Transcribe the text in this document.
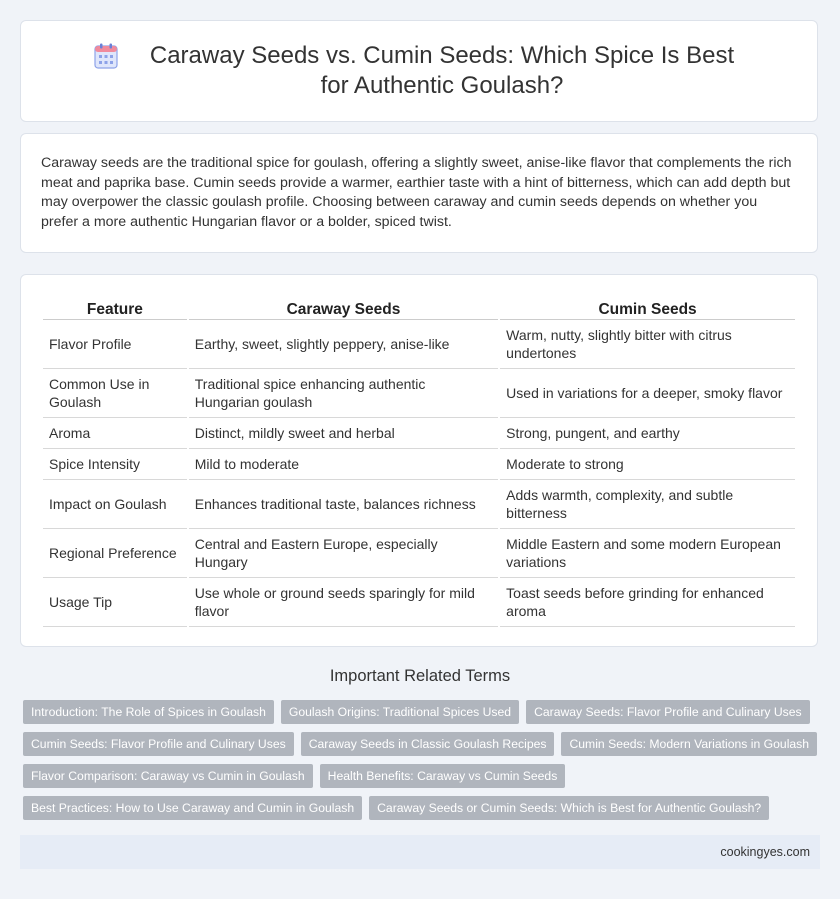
Caraway Seeds vs. Cumin Seeds: Which Spice Is Best for Authentic Goulash?

Caraway seeds are the traditional spice for goulash, offering a slightly sweet, anise-like flavor that complements the rich meat and paprika base. Cumin seeds provide a warmer, earthier taste with a hint of bitterness, which can add depth but may overpower the classic goulash profile. Choosing between caraway and cumin seeds depends on whether you prefer a more authentic Hungarian flavor or a bolder, spiced twist.

Feature	Caraway Seeds	Cumin Seeds
Flavor Profile	Earthy, sweet, slightly peppery, anise-like	Warm, nutty, slightly bitter with citrus undertones
Common Use in Goulash	Traditional spice enhancing authentic Hungarian goulash	Used in variations for a deeper, smoky flavor
Aroma	Distinct, mildly sweet and herbal	Strong, pungent, and earthy
Spice Intensity	Mild to moderate	Moderate to strong
Impact on Goulash	Enhances traditional taste, balances richness	Adds warmth, complexity, and subtle bitterness
Regional Preference	Central and Eastern Europe, especially Hungary	Middle Eastern and some modern European variations
Usage Tip	Use whole or ground seeds sparingly for mild flavor	Toast seeds before grinding for enhanced aroma
Important Related Terms
Introduction: The Role of Spices in Goulash	Goulash Origins: Traditional Spices Used	Caraway Seeds: Flavor Profile and Culinary Uses
Cumin Seeds: Flavor Profile and Culinary Uses	Caraway Seeds in Classic Goulash Recipes	Cumin Seeds: Modern Variations in Goulash
Flavor Comparison: Caraway vs Cumin in Goulash	Health Benefits: Caraway vs Cumin Seeds
Best Practices: How to Use Caraway and Cumin in Goulash	Caraway Seeds or Cumin Seeds: Which is Best for Authentic Goulash?
cookingyes.com
